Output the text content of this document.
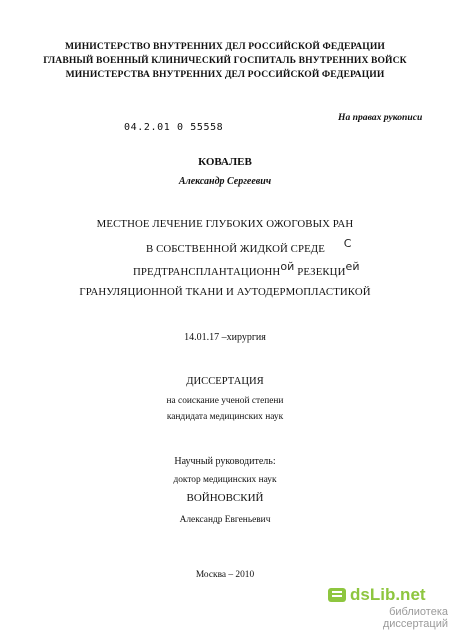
МИНИСТЕРСТВО ВНУТРЕННИХ ДЕЛ РОССИЙСКОЙ ФЕДЕРАЦИИ
ГЛАВНЫЙ ВОЕННЫЙ КЛИНИЧЕСКИЙ ГОСПИТАЛЬ ВНУТРЕННИХ ВОЙСК
МИНИСТЕРСТВА ВНУТРЕННИХ ДЕЛ РОССИЙСКОЙ ФЕДЕРАЦИИ
04.2.01 0 55558
На правах рукописи
КОВАЛЕВ
Александр Сергеевич
МЕСТНОЕ ЛЕЧЕНИЕ ГЛУБОКИХ ОЖОГОВЫХ РАН
В СОБСТВЕННОЙ ЖИДКОЙ СРЕДЕ С
ПРЕДТРАНСПЛАНТАЦИОННой РЕЗЕКЦИей
ГРАНУЛЯЦИОННОЙ ТКАНИ И АУТОДЕРМОПЛАСТИКОЙ
14.01.17 –хирургия
ДИССЕРТАЦИЯ
на соискание ученой степени
кандидата медицинских наук
Научный руководитель:
доктор медицинских наук
ВОЙНОВСКИЙ
Александр Евгеньевич
Москва – 2010
dsLib.net
библиотека диссертаций
